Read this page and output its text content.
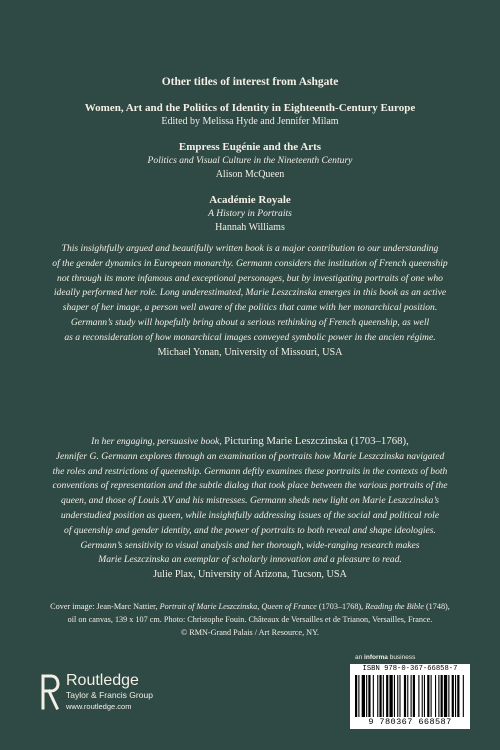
Other titles of interest from Ashgate
Women, Art and the Politics of Identity in Eighteenth-Century Europe
Edited by Melissa Hyde and Jennifer Milam
Empress Eugénie and the Arts
Politics and Visual Culture in the Nineteenth Century
Alison McQueen
Académie Royale
A History in Portraits
Hannah Williams
This insightfully argued and beautifully written book is a major contribution to our understanding
of the gender dynamics in European monarchy. Germann considers the institution of French queenship
not through its more infamous and exceptional personages, but by investigating portraits of one who
ideally performed her role. Long underestimated, Marie Leszczinska emerges in this book as an active
shaper of her image, a person well aware of the politics that came with her monarchical position.
Germann’s study will hopefully bring about a serious rethinking of French queenship, as well
as a reconsideration of how monarchical images conveyed symbolic power in the ancien régime.
Michael Yonan, University of Missouri, USA
In her engaging, persuasive book, Picturing Marie Leszczinska (1703–1768),
Jennifer G. Germann explores through an examination of portraits how Marie Leszczinska navigated
the roles and restrictions of queenship. Germann deftly examines these portraits in the contexts of both
conventions of representation and the subtle dialog that took place between the various portraits of the
queen, and those of Louis XV and his mistresses. Germann sheds new light on Marie Leszczinska’s
understudied position as queen, while insightfully addressing issues of the social and political role
of queenship and gender identity, and the power of portraits to both reveal and shape ideologies.
Germann’s sensitivity to visual analysis and her thorough, wide-ranging research makes
Marie Leszczinska an exemplar of scholarly innovation and a pleasure to read.
Julie Plax, University of Arizona, Tucson, USA
Cover image: Jean-Marc Nattier, Portrait of Marie Leszczinska, Queen of France (1703–1768), Reading the Bible (1748),
oil on canvas, 139 x 107 cm. Photo: Christophe Fouin. Châteaux de Versailles et de Trianon, Versailles, France.
© RMN-Grand Palais / Art Resource, NY.
Routledge
Taylor & Francis Group
www.routledge.com
an informa business
ISBN 978-0-367-66858-7
9 780367 668587
